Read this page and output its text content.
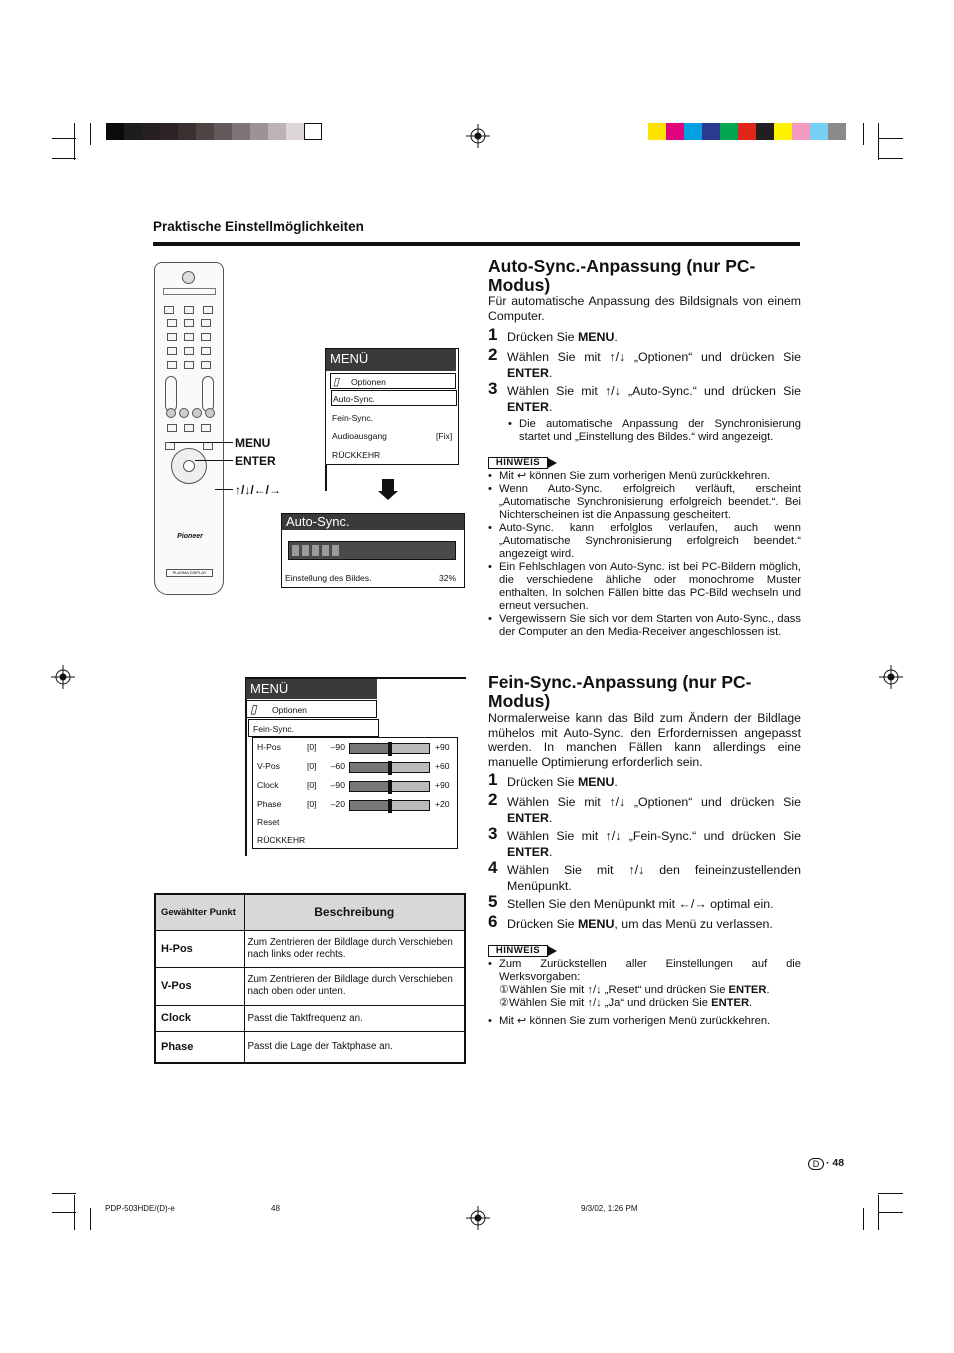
Praktische Einstellmöglichkeiten
Pioneer
PLASMA DISPLAY
MENU
ENTER
↑/↓/←/→
MENÜ
▯ Optionen
Auto-Sync.
Fein-Sync.
Audioausgang	[Fix]
RÜCKKEHR
Auto-Sync.
Einstellung des Bildes.	32%
MENÜ
▯ Optionen
Fein-Sync.
H-Pos	[0]	–90	+90
V-Pos	[0]	–60	+60
Clock	[0]	–90	+90
Phase	[0]	–20	+20
Reset
RÜCKKEHR
Gewählter Punkt	Beschreibung
H-Pos	Zum Zentrieren der Bildlage durch Verschieben nach links oder rechts.
V-Pos	Zum Zentrieren der Bildlage durch Verschieben nach oben oder unten.
Clock	Passt die Taktfrequenz an.
Phase	Passt die Lage der Taktphase an.
Auto-Sync.-Anpassung (nur PC-Modus)
Für automatische Anpassung des Bildsignals von einem Computer.
1 Drücken Sie MENU.
2 Wählen Sie mit ↑/↓ „Optionen“ und drücken Sie ENTER.
3 Wählen Sie mit ↑/↓ „Auto-Sync.“ und drücken Sie ENTER.
• Die automatische Anpassung der Synchronisierung startet und „Einstellung des Bildes.“ wird angezeigt.
HINWEIS
• Mit ↩ können Sie zum vorherigen Menü zurückkehren.
• Wenn Auto-Sync. erfolgreich verläuft, erscheint „Automatische Synchronisierung erfolgreich beendet.“. Bei Nichterscheinen ist die Anpassung gescheitert.
• Auto-Sync. kann erfolglos verlaufen, auch wenn „Automatische Synchronisierung erfolgreich beendet.“ angezeigt wird.
• Ein Fehlschlagen von Auto-Sync. ist bei PC-Bildern möglich, die verschiedene ähliche oder monochrome Muster enthalten. In solchen Fällen bitte das PC-Bild wechseln und erneut versuchen.
• Vergewissern Sie sich vor dem Starten von Auto-Sync., dass der Computer an den Media-Receiver angeschlossen ist.
Fein-Sync.-Anpassung (nur PC-Modus)
Normalerweise kann das Bild zum Ändern der Bildlage mühelos mit Auto-Sync. den Erfordernissen angepasst werden. In manchen Fällen kann allerdings eine manuelle Optimierung erforderlich sein.
1 Drücken Sie MENU.
2 Wählen Sie mit ↑/↓ „Optionen“ und drücken Sie ENTER.
3 Wählen Sie mit ↑/↓ „Fein-Sync.“ und drücken Sie ENTER.
4 Wählen Sie mit ↑/↓ den feineinzustellenden Menüpunkt.
5 Stellen Sie den Menüpunkt mit ←/→ optimal ein.
6 Drücken Sie MENU, um das Menü zu verlassen.
HINWEIS
• Zum Zurückstellen aller Einstellungen auf die Werksvorgaben:
①Wählen Sie mit ↑/↓ „Reset“ und drücken Sie ENTER.
②Wählen Sie mit ↑/↓ „Ja“ und drücken Sie ENTER.
• Mit ↩ können Sie zum vorherigen Menü zurückkehren.
D · 48
PDP-503HDE/(D)-e	48	9/3/02, 1:26 PM
